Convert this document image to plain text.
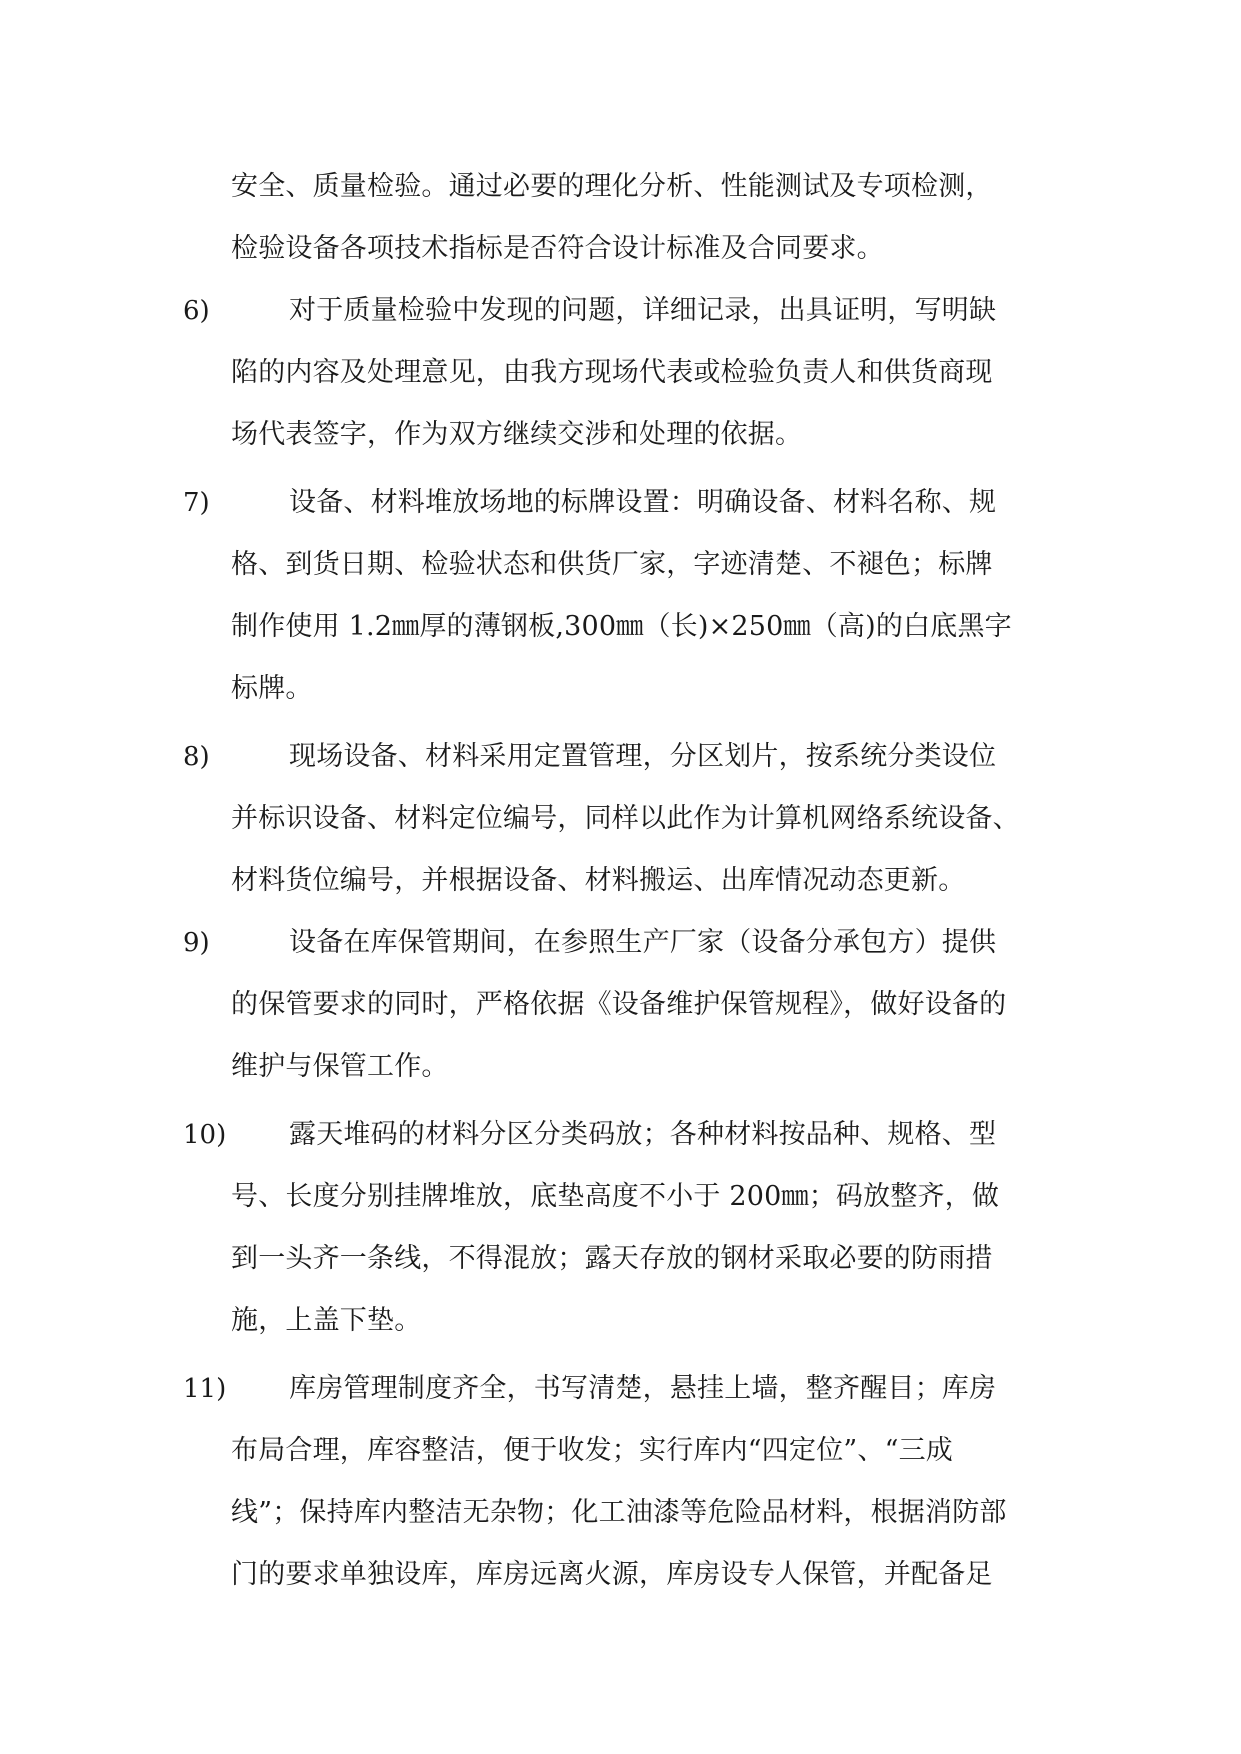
安全、质量检验。通过必要的理化分析、性能测试及专项检测，
检验设备各项技术指标是否符合设计标准及合同要求。
6)	对于质量检验中发现的问题，详细记录，出具证明，写明缺
陷的内容及处理意见，由我方现场代表或检验负责人和供货商现
场代表签字，作为双方继续交涉和处理的依据。
7)	设备、材料堆放场地的标牌设置：明确设备、材料名称、规
格、到货日期、检验状态和供货厂家，字迹清楚、不褪色；标牌
制作使用 1.2㎜厚的薄钢板,300㎜（长)×250㎜（高)的白底黑字
标牌。
8)	现场设备、材料采用定置管理，分区划片，按系统分类设位
并标识设备、材料定位编号，同样以此作为计算机网络系统设备、
材料货位编号，并根据设备、材料搬运、出库情况动态更新。
9)	设备在库保管期间，在参照生产厂家（设备分承包方）提供
的保管要求的同时，严格依据《设备维护保管规程》，做好设备的
维护与保管工作。
10) 露天堆码的材料分区分类码放；各种材料按品种、规格、型
号、长度分别挂牌堆放，底垫高度不小于 200㎜；码放整齐，做
到一头齐一条线，不得混放；露天存放的钢材采取必要的防雨措
施，上盖下垫。
11) 库房管理制度齐全，书写清楚，悬挂上墙，整齐醒目；库房
布局合理，库容整洁，便于收发；实行库内“四定位”、“三成
线”；保持库内整洁无杂物；化工油漆等危险品材料，根据消防部
门的要求单独设库，库房远离火源，库房设专人保管，并配备足
